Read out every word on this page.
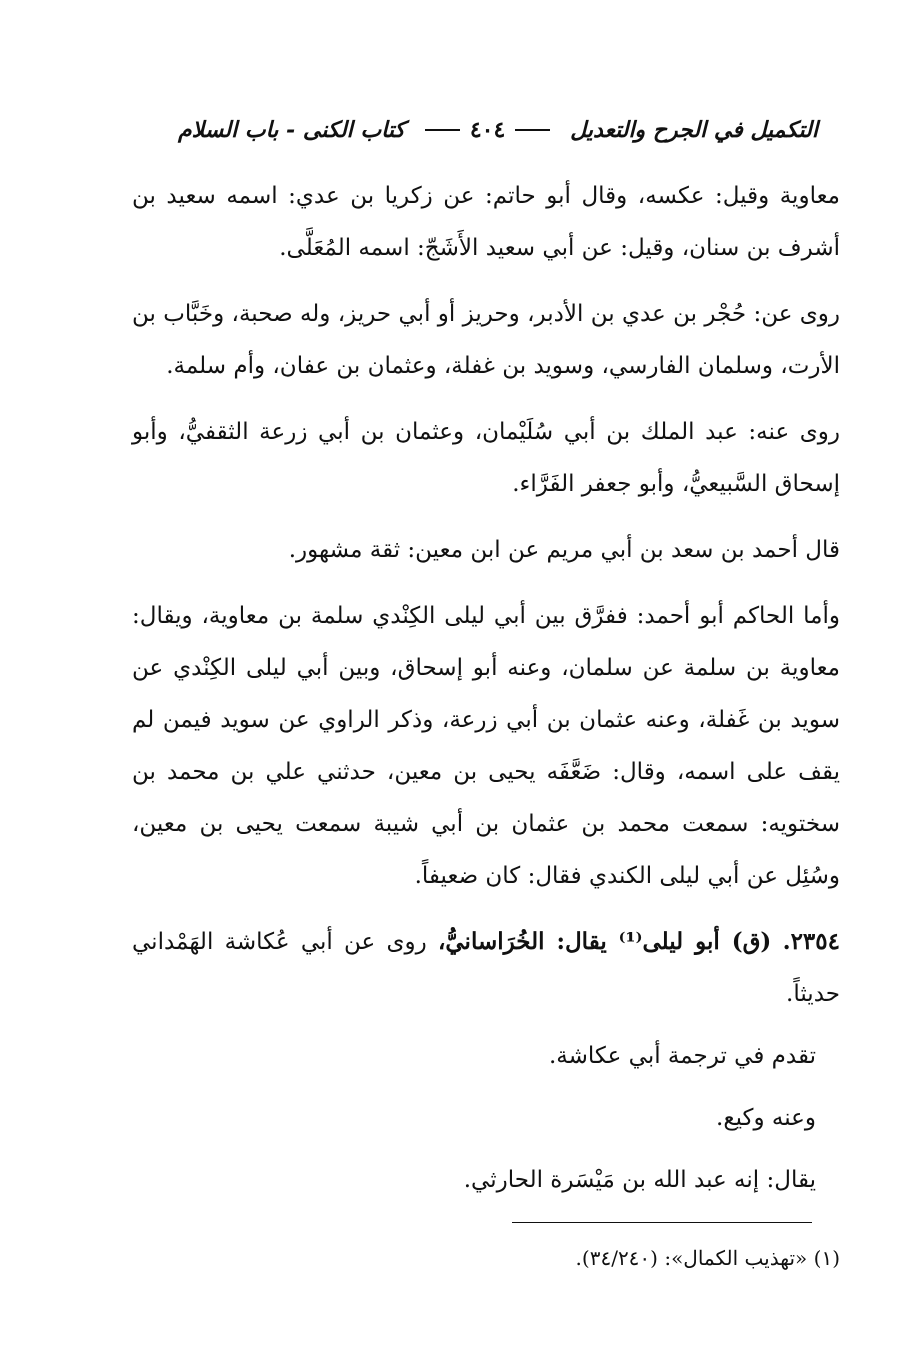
التكميل في الجرح والتعديل
٤٠٤
كتاب الكنى - باب السلام

معاوية وقيل: عكسه، وقال أبو حاتم: عن زكريا بن عدي: اسمه سعيد بن أشرف بن سنان، وقيل: عن أبي سعيد الأَشَجّ: اسمه المُعَلَّى.

روى عن: حُجْر بن عدي بن الأدبر، وحريز أو أبي حريز، وله صحبة، وخَبَّاب بن الأرت، وسلمان الفارسي، وسويد بن غفلة، وعثمان بن عفان، وأم سلمة.

روى عنه: عبد الملك بن أبي سُلَيْمان، وعثمان بن أبي زرعة الثقفيُّ، وأبو إسحاق السَّبيعيُّ، وأبو جعفر الفَرَّاء.

قال أحمد بن سعد بن أبي مريم عن ابن معين: ثقة مشهور.

وأما الحاكم أبو أحمد: ففرَّق بين أبي ليلى الكِنْدي سلمة بن معاوية، ويقال: معاوية بن سلمة عن سلمان، وعنه أبو إسحاق، وبين أبي ليلى الكِنْدي عن سويد بن غَفلة، وعنه عثمان بن أبي زرعة، وذكر الراوي عن سويد فيمن لم يقف على اسمه، وقال: ضَعَّفَه يحيى بن معين، حدثني علي بن محمد بن سختويه: سمعت محمد بن عثمان بن أبي شيبة سمعت يحيى بن معين، وسُئِل عن أبي ليلى الكندي فقال: كان ضعيفاً.

٢٣٥٤. (ق) أبو ليلى⁽¹⁾ يقال: الخُرَاسانيُّ، روى عن أبي عُكاشة الهَمْداني حديثاً.

تقدم في ترجمة أبي عكاشة.

وعنه وكيع.

يقال: إنه عبد الله بن مَيْسَرة الحارثي.

(١) «تهذيب الكمال»: (٣٤/٢٤٠).
